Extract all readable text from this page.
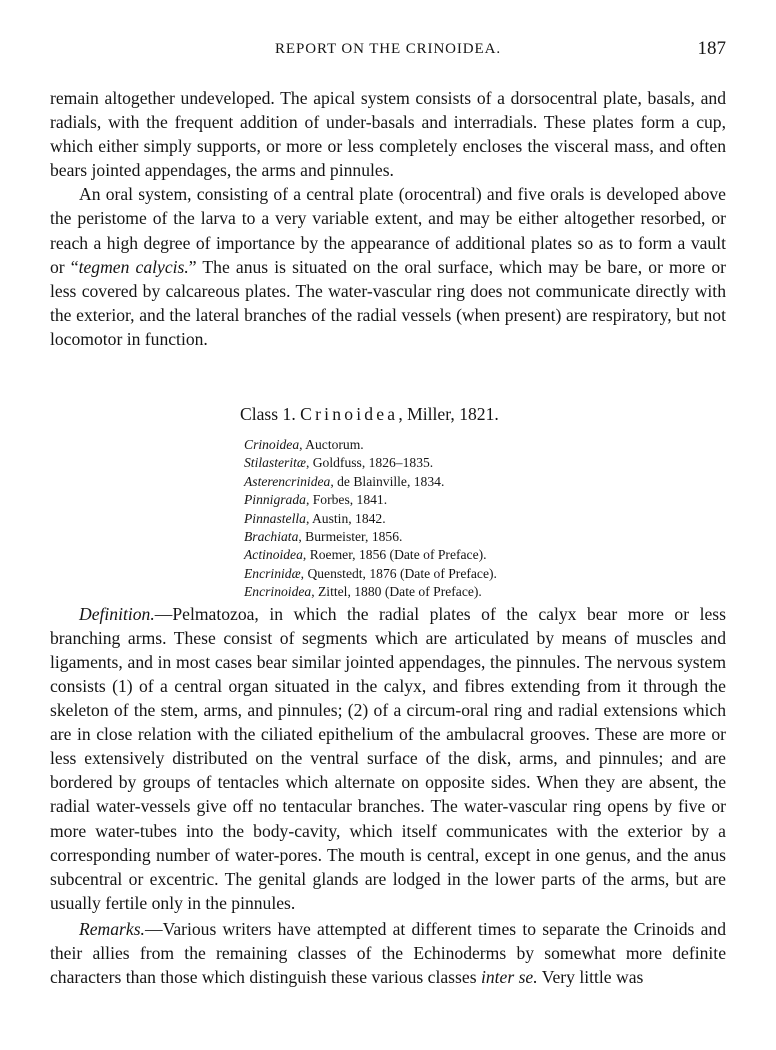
REPORT ON THE CRINOIDEA.	187

remain altogether undeveloped. The apical system consists of a dorsocentral plate, basals, and radials, with the frequent addition of under-basals and interradials. These plates form a cup, which either simply supports, or more or less completely encloses the visceral mass, and often bears jointed appendages, the arms and pinnules.

An oral system, consisting of a central plate (orocentral) and five orals is developed above the peristome of the larva to a very variable extent, and may be either altogether resorbed, or reach a high degree of importance by the appearance of additional plates so as to form a vault or “tegmen calycis.” The anus is situated on the oral surface, which may be bare, or more or less covered by calcareous plates. The water-vascular ring does not communicate directly with the exterior, and the lateral branches of the radial vessels (when present) are respiratory, but not locomotor in function.

Class 1. Crinoidea, Miller, 1821.
Crinoidea, Auctorum.
Stilasteritæ, Goldfuss, 1826–1835.
Asterencrinidea, de Blainville, 1834.
Pinnigrada, Forbes, 1841.
Pinnastella, Austin, 1842.
Brachiata, Burmeister, 1856.
Actinoidea, Roemer, 1856 (Date of Preface).
Encrinidæ, Quenstedt, 1876 (Date of Preface).
Encrinoidea, Zittel, 1880 (Date of Preface).

Definition.—Pelmatozoa, in which the radial plates of the calyx bear more or less branching arms. These consist of segments which are articulated by means of muscles and ligaments, and in most cases bear similar jointed appendages, the pinnules. The nervous system consists (1) of a central organ situated in the calyx, and fibres extending from it through the skeleton of the stem, arms, and pinnules; (2) of a circum-oral ring and radial extensions which are in close relation with the ciliated epithelium of the ambulacral grooves. These are more or less extensively distributed on the ventral surface of the disk, arms, and pinnules; and are bordered by groups of tentacles which alternate on opposite sides. When they are absent, the radial water-vessels give off no tentacular branches. The water-vascular ring opens by five or more water-tubes into the body-cavity, which itself communicates with the exterior by a corresponding number of water-pores. The mouth is central, except in one genus, and the anus subcentral or excentric. The genital glands are lodged in the lower parts of the arms, but are usually fertile only in the pinnules.

Remarks.—Various writers have attempted at different times to separate the Crinoids and their allies from the remaining classes of the Echinoderms by somewhat more definite characters than those which distinguish these various classes inter se. Very little was
